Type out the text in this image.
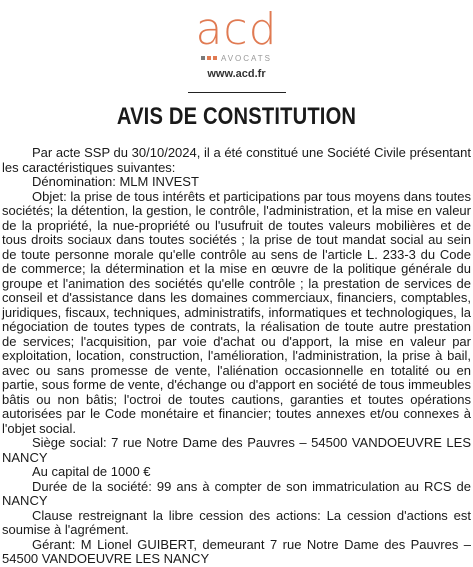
acd
AVOCATS
www.acd.fr
AVIS DE CONSTITUTION

Par acte SSP du 30/10/2024, il a été constitué une Société Civile présentant les caractéristiques suivantes:

Dénomination: MLM INVEST

Objet: la prise de tous intérêts et participations par tous moyens dans toutes sociétés; la détention, la gestion, le contrôle, l'administration, et la mise en valeur de la propriété, la nue-propriété ou l'usufruit de toutes valeurs mobilières et de tous droits sociaux dans toutes sociétés ; la prise de tout mandat social au sein de toute personne morale qu'elle contrôle au sens de l'article L. 233-3 du Code de commerce; la détermination et la mise en œuvre de la politique générale du groupe et l'animation des sociétés qu'elle contrôle ; la prestation de services de conseil et d'assistance dans les domaines commerciaux, financiers, comptables, juridiques, fiscaux, techniques, administratifs, informatiques et technologiques, la négociation de toutes types de contrats, la réalisation de toute autre prestation de services; l'acquisition, par voie d'achat ou d'apport, la mise en valeur par exploitation, location, construction, l'amélioration, l'administration, la prise à bail, avec ou sans promesse de vente, l'aliénation occasionnelle en totalité ou en partie, sous forme de vente, d'échange ou d'apport en société de tous immeubles bâtis ou non bâtis; l'octroi de toutes cautions, garanties et toutes opérations autorisées par le Code monétaire et financier; toutes annexes et/ou connexes à l'objet social.

Siège social: 7 rue Notre Dame des Pauvres – 54500 VANDOEUVRE LES NANCY

Au capital de 1000 €

Durée de la société: 99 ans à compter de son immatriculation au RCS de NANCY

Clause restreignant la libre cession des actions: La cession d'actions est soumise à l'agrément.

Gérant: M Lionel GUIBERT, demeurant 7 rue Notre Dame des Pauvres – 54500 VANDOEUVRE LES NANCY
